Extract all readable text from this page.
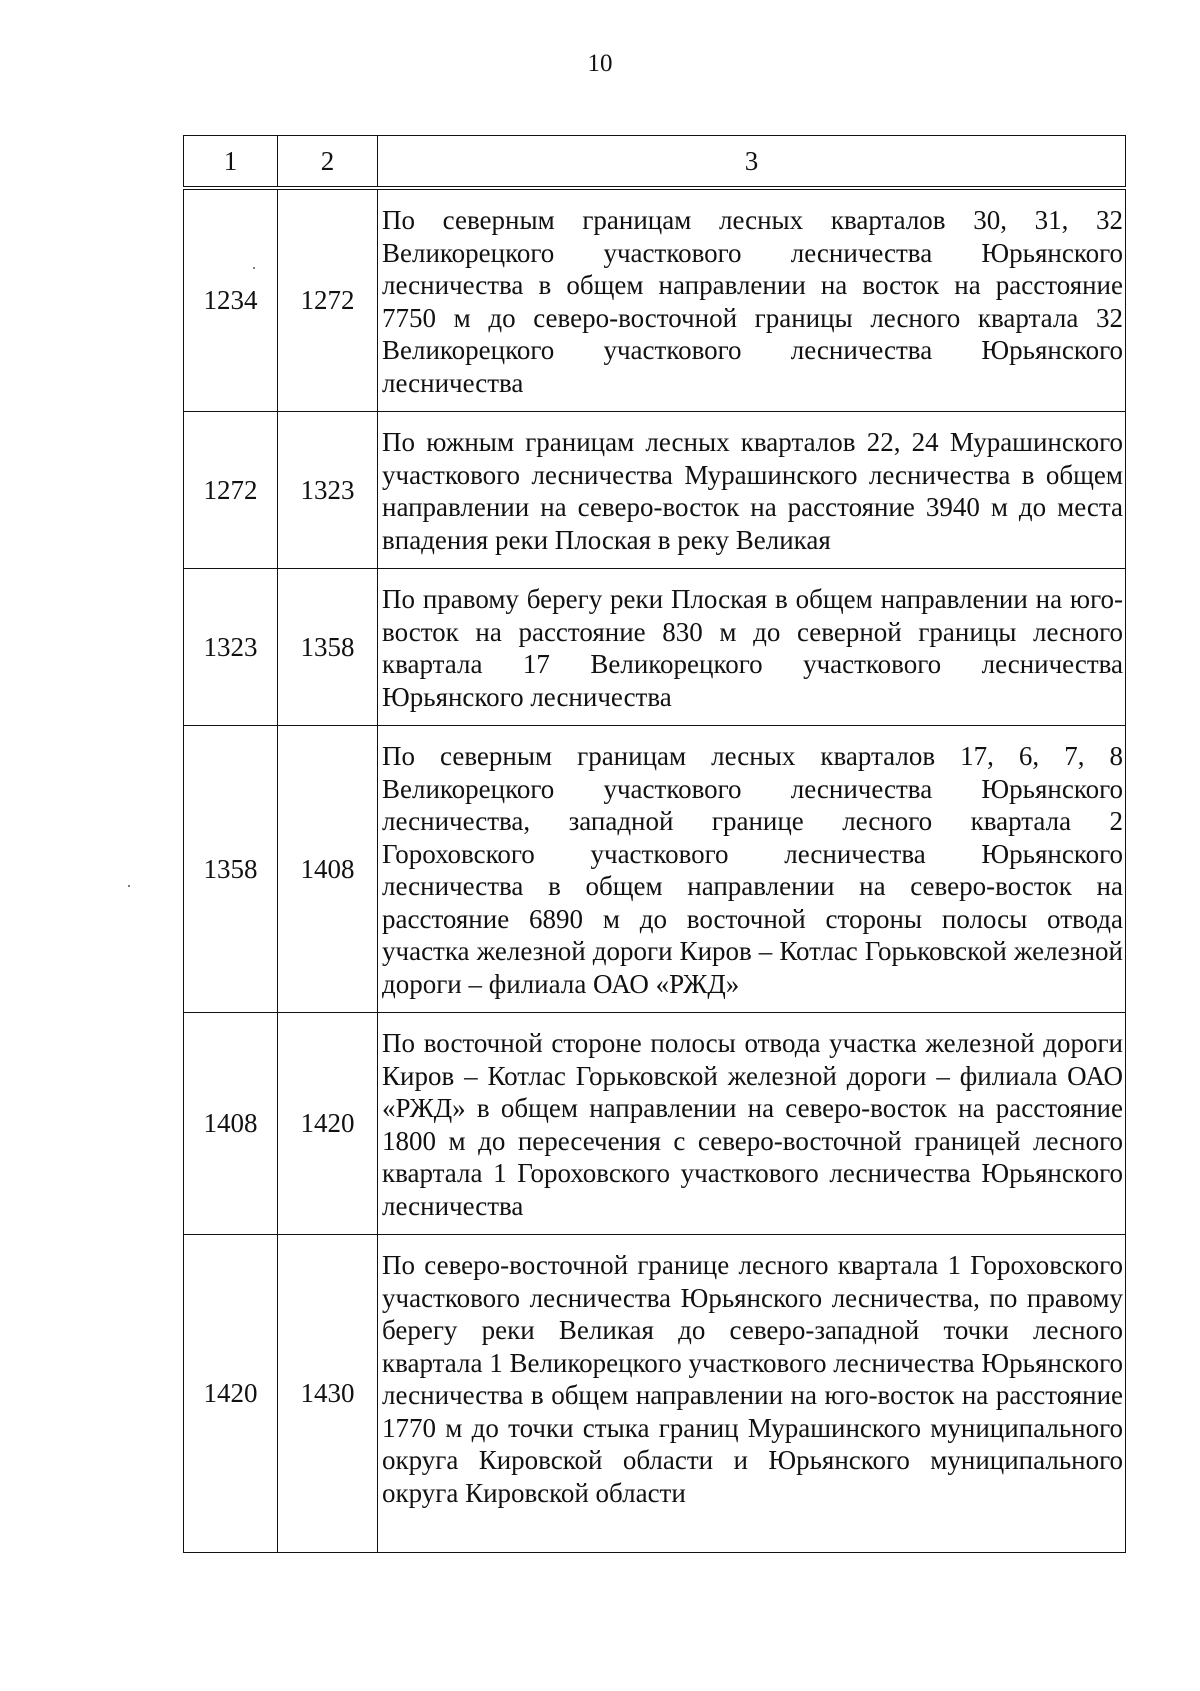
10
1	2	3
1234	1272	По северным границам лесных кварталов 30, 31, 32 Великорецкого участкового лесничества Юрьянского лесничества в общем направлении на восток на расстояние 7750 м до северо-восточной границы лесного квартала 32 Великорецкого участкового лесничества Юрьянского лесничества
1272	1323	По южным границам лесных кварталов 22, 24 Мурашинского участкового лесничества Мурашинского лесничества в общем направлении на северо-восток на расстояние 3940 м до места впадения реки Плоская в реку Великая
1323	1358	По правому берегу реки Плоская в общем направлении на юго-восток на расстояние 830 м до северной границы лесного квартала 17 Великорецкого участкового лесничества Юрьянского лесничества
1358	1408	По северным границам лесных кварталов 17, 6, 7, 8 Великорецкого участкового лесничества Юрьянского лесничества, западной границе лесного квартала 2 Гороховского участкового лесничества Юрьянского лесничества в общем направлении на северо-восток на расстояние 6890 м до восточной стороны полосы отвода участка железной дороги Киров – Котлас Горьковской железной дороги – филиала ОАО «РЖД»
1408	1420	По восточной стороне полосы отвода участка железной дороги Киров – Котлас Горьковской железной дороги – филиала ОАО «РЖД» в общем направлении на северо-восток на расстояние 1800 м до пересечения с северо-восточной границей лесного квартала 1 Гороховского участкового лесничества Юрьянского лесничества
1420	1430	По северо-восточной границе лесного квартала 1 Гороховского участкового лесничества Юрьянского лесничества, по правому берегу реки Великая до северо-западной точки лесного квартала 1 Великорецкого участкового лесничества Юрьянского лесничества в общем направлении на юго-восток на расстояние 1770 м до точки стыка границ Мурашинского муниципального округа Кировской области и Юрьянского муниципального округа Кировской области
